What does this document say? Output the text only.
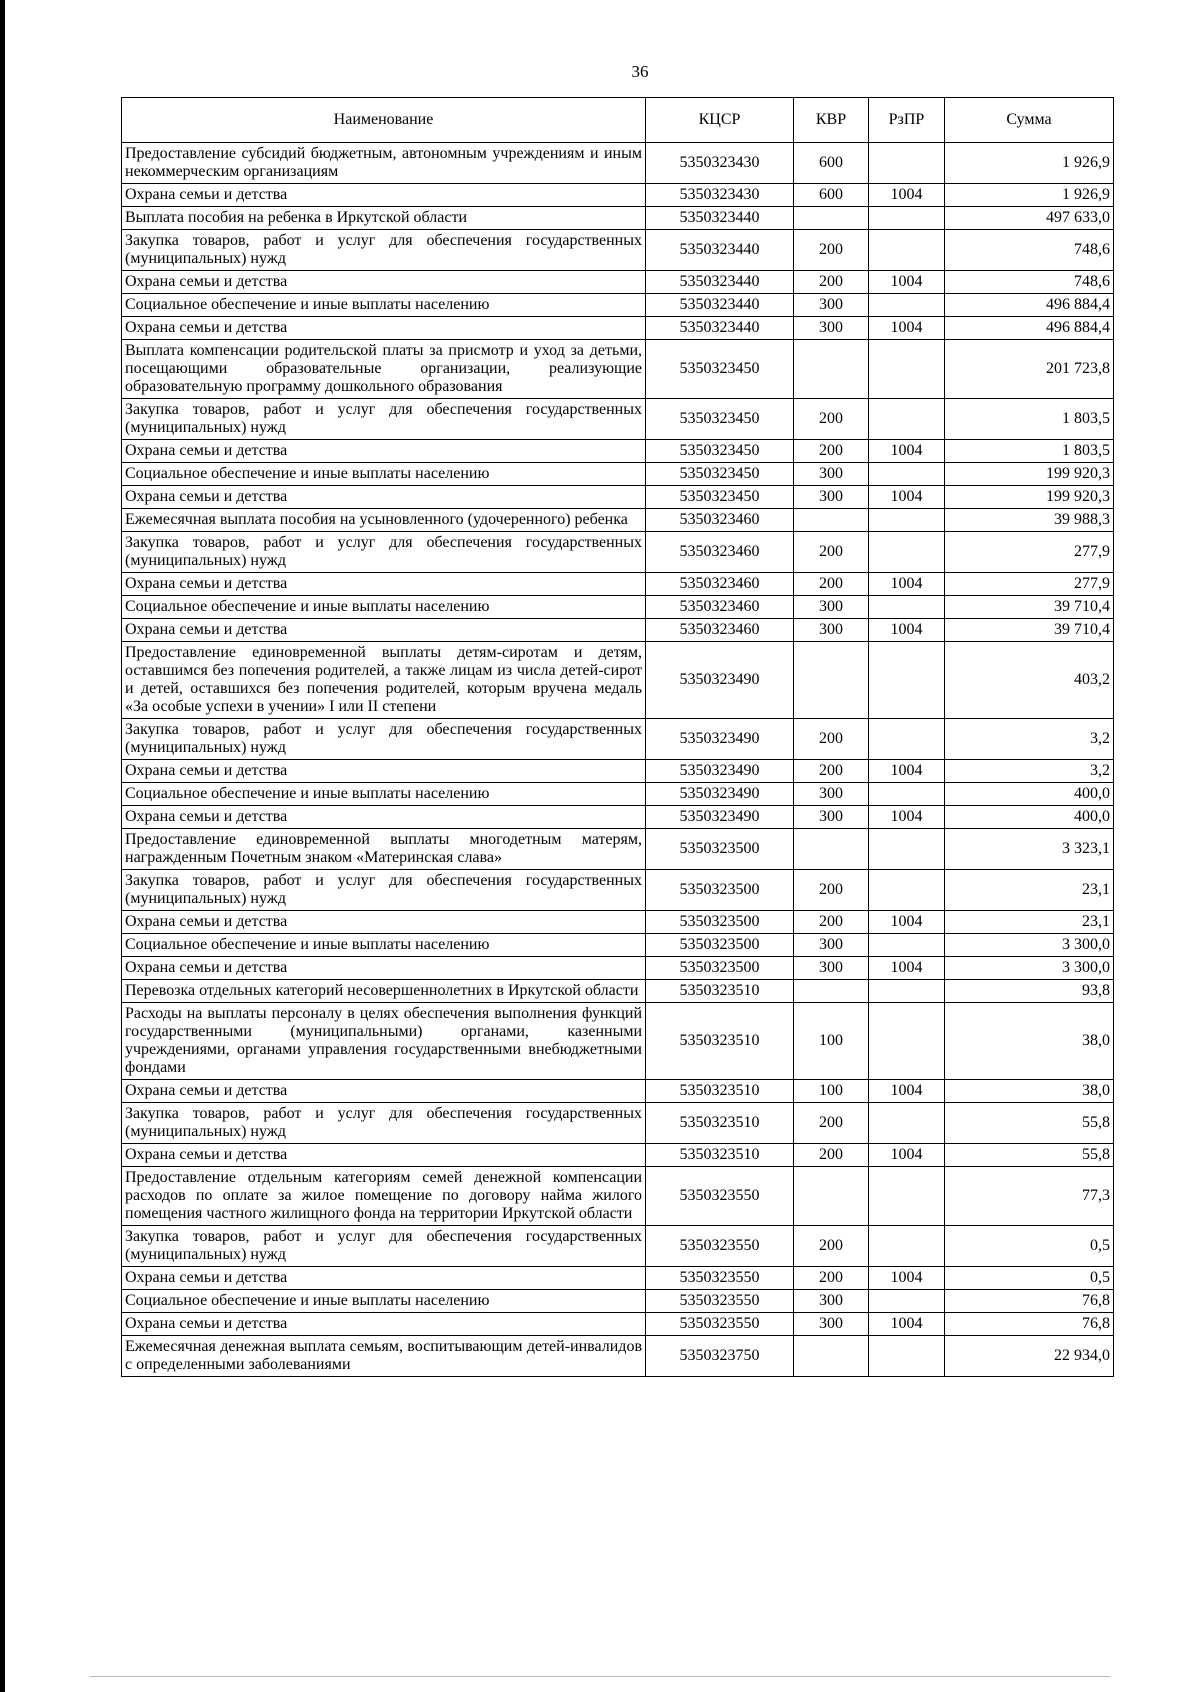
36
Наименование	КЦСР	КВР	РзПР	Сумма
Предоставление субсидий бюджетным, автономным учреждениям и иным некоммерческим организациям	5350323430	600		1 926,9
Охрана семьи и детства	5350323430	600	1004	1 926,9
Выплата пособия на ребенка в Иркутской области	5350323440			497 633,0
Закупка товаров, работ и услуг для обеспечения государственных (муниципальных) нужд	5350323440	200		748,6
Охрана семьи и детства	5350323440	200	1004	748,6
Социальное обеспечение и иные выплаты населению	5350323440	300		496 884,4
Охрана семьи и детства	5350323440	300	1004	496 884,4
Выплата компенсации родительской платы за присмотр и уход за детьми, посещающими образовательные организации, реализующие образовательную программу дошкольного образования	5350323450			201 723,8
Закупка товаров, работ и услуг для обеспечения государственных (муниципальных) нужд	5350323450	200		1 803,5
Охрана семьи и детства	5350323450	200	1004	1 803,5
Социальное обеспечение и иные выплаты населению	5350323450	300		199 920,3
Охрана семьи и детства	5350323450	300	1004	199 920,3
Ежемесячная выплата пособия на усыновленного (удочеренного) ребенка	5350323460			39 988,3
Закупка товаров, работ и услуг для обеспечения государственных (муниципальных) нужд	5350323460	200		277,9
Охрана семьи и детства	5350323460	200	1004	277,9
Социальное обеспечение и иные выплаты населению	5350323460	300		39 710,4
Охрана семьи и детства	5350323460	300	1004	39 710,4
Предоставление единовременной выплаты детям-сиротам и детям, оставшимся без попечения родителей, а также лицам из числа детей-сирот и детей, оставшихся без попечения родителей, которым вручена медаль «За особые успехи в учении» I или II степени	5350323490			403,2
Закупка товаров, работ и услуг для обеспечения государственных (муниципальных) нужд	5350323490	200		3,2
Охрана семьи и детства	5350323490	200	1004	3,2
Социальное обеспечение и иные выплаты населению	5350323490	300		400,0
Охрана семьи и детства	5350323490	300	1004	400,0
Предоставление единовременной выплаты многодетным матерям, награжденным Почетным знаком «Материнская слава»	5350323500			3 323,1
Закупка товаров, работ и услуг для обеспечения государственных (муниципальных) нужд	5350323500	200		23,1
Охрана семьи и детства	5350323500	200	1004	23,1
Социальное обеспечение и иные выплаты населению	5350323500	300		3 300,0
Охрана семьи и детства	5350323500	300	1004	3 300,0
Перевозка отдельных категорий несовершеннолетних в Иркутской области	5350323510			93,8
Расходы на выплаты персоналу в целях обеспечения выполнения функций государственными (муниципальными) органами, казенными учреждениями, органами управления государственными внебюджетными фондами	5350323510	100		38,0
Охрана семьи и детства	5350323510	100	1004	38,0
Закупка товаров, работ и услуг для обеспечения государственных (муниципальных) нужд	5350323510	200		55,8
Охрана семьи и детства	5350323510	200	1004	55,8
Предоставление отдельным категориям семей денежной компенсации расходов по оплате за жилое помещение по договору найма жилого помещения частного жилищного фонда на территории Иркутской области	5350323550			77,3
Закупка товаров, работ и услуг для обеспечения государственных (муниципальных) нужд	5350323550	200		0,5
Охрана семьи и детства	5350323550	200	1004	0,5
Социальное обеспечение и иные выплаты населению	5350323550	300		76,8
Охрана семьи и детства	5350323550	300	1004	76,8
Ежемесячная денежная выплата семьям, воспитывающим детей-инвалидов с определенными заболеваниями	5350323750			22 934,0
